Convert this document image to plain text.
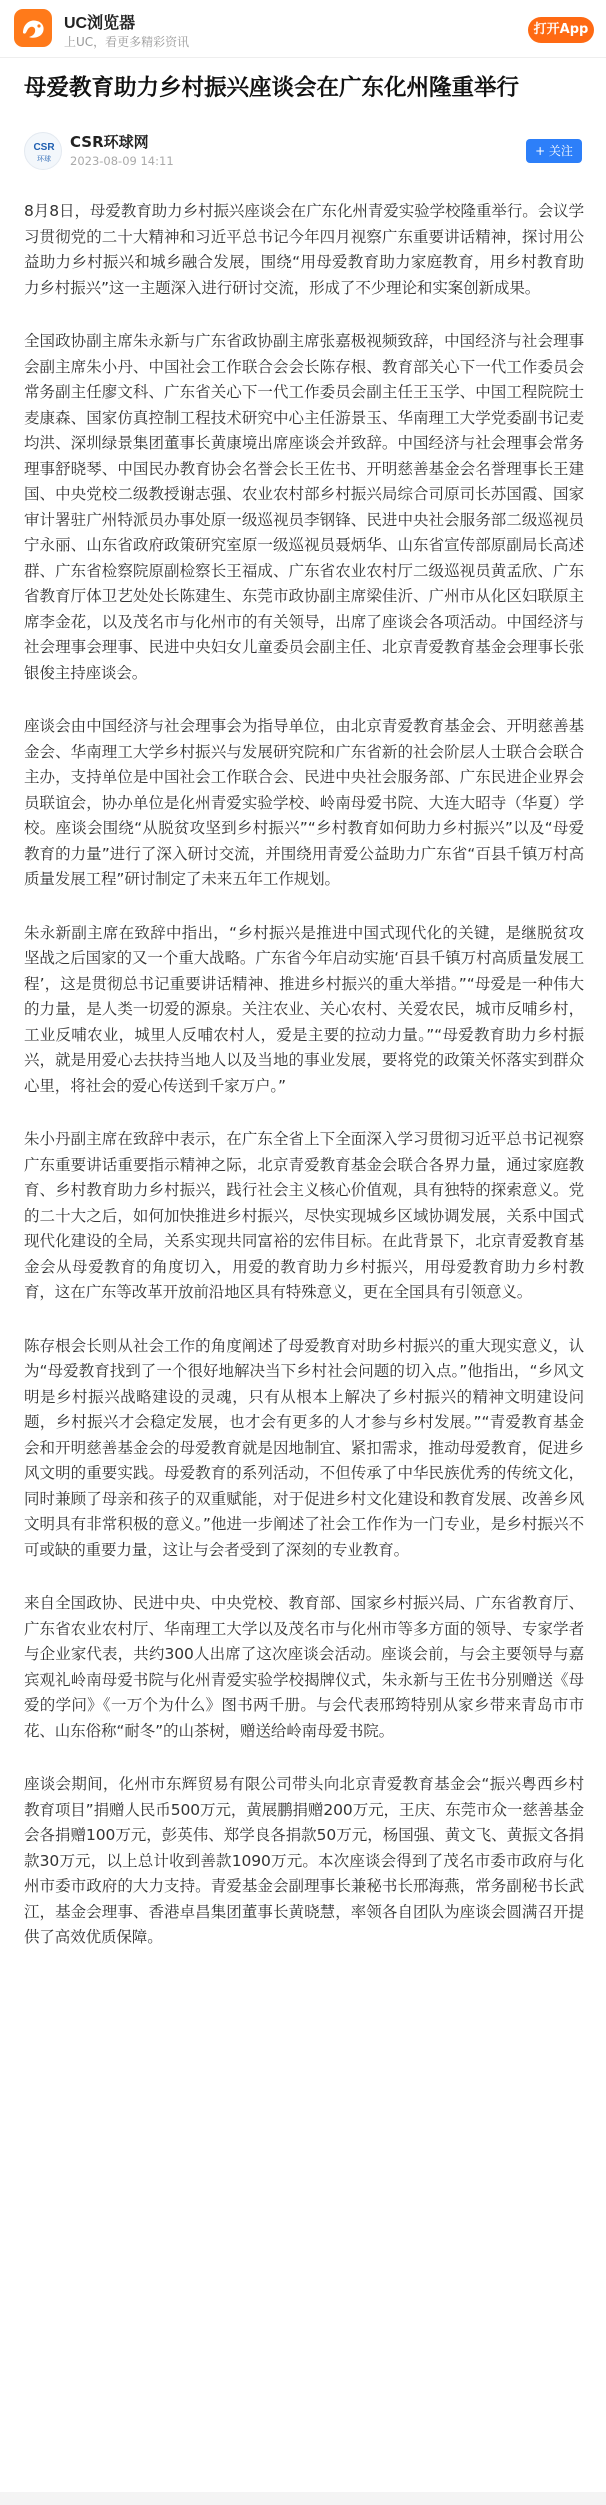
UC浏览器
上UC，看更多精彩资讯
打开App
母爱教育助力乡村振兴座谈会在广东化州隆重举行
CSR
环球
CSR环球网
2023-08-09 14:11
+ 关注

8月8日，母爱教育助力乡村振兴座谈会在广东化州青爱实验学校隆重举行。会议学习贯彻党的二十大精神和习近平总书记今年四月视察广东重要讲话精神，探讨用公益助力乡村振兴和城乡融合发展，围绕“用母爱教育助力家庭教育，用乡村教育助力乡村振兴”这一主题深入进行研讨交流，形成了不少理论和实案创新成果。

全国政协副主席朱永新与广东省政协副主席张嘉极视频致辞，中国经济与社会理事会副主席朱小丹、中国社会工作联合会会长陈存根、教育部关心下一代工作委员会常务副主任廖文科、广东省关心下一代工作委员会副主任王玉学、中国工程院院士麦康森、国家仿真控制工程技术研究中心主任游景玉、华南理工大学党委副书记麦均洪、深圳绿景集团董事长黄康境出席座谈会并致辞。中国经济与社会理事会常务理事舒晓琴、中国民办教育协会名誉会长王佐书、开明慈善基金会名誉理事长王建国、中央党校二级教授谢志强、农业农村部乡村振兴局综合司原司长苏国霞、国家审计署驻广州特派员办事处原一级巡视员李钢锋、民进中央社会服务部二级巡视员宁永丽、山东省政府政策研究室原一级巡视员聂炳华、山东省宣传部原副局长高述群、广东省检察院原副检察长王福成、广东省农业农村厅二级巡视员黄孟欣、广东省教育厅体卫艺处处长陈建生、东莞市政协副主席梁佳沂、广州市从化区妇联原主席李金花，以及茂名市与化州市的有关领导，出席了座谈会各项活动。中国经济与社会理事会理事、民进中央妇女儿童委员会副主任、北京青爱教育基金会理事长张银俊主持座谈会。

座谈会由中国经济与社会理事会为指导单位，由北京青爱教育基金会、开明慈善基金会、华南理工大学乡村振兴与发展研究院和广东省新的社会阶层人士联合会联合主办，支持单位是中国社会工作联合会、民进中央社会服务部、广东民进企业界会员联谊会，协办单位是化州青爱实验学校、岭南母爱书院、大连大昭寺（华夏）学校。座谈会围绕“从脱贫攻坚到乡村振兴”“乡村教育如何助力乡村振兴”以及“母爱教育的力量”进行了深入研讨交流，并围绕用青爱公益助力广东省“百县千镇万村高质量发展工程”研讨制定了未来五年工作规划。

朱永新副主席在致辞中指出，“乡村振兴是推进中国式现代化的关键，是继脱贫攻坚战之后国家的又一个重大战略。广东省今年启动实施‘百县千镇万村高质量发展工程’，这是贯彻总书记重要讲话精神、推进乡村振兴的重大举措。”“母爱是一种伟大的力量，是人类一切爱的源泉。关注农业、关心农村、关爱农民，城市反哺乡村，工业反哺农业，城里人反哺农村人，爱是主要的拉动力量。”“母爱教育助力乡村振兴，就是用爱心去扶持当地人以及当地的事业发展，要将党的政策关怀落实到群众心里，将社会的爱心传送到千家万户。”

朱小丹副主席在致辞中表示，在广东全省上下全面深入学习贯彻习近平总书记视察广东重要讲话重要指示精神之际，北京青爱教育基金会联合各界力量，通过家庭教育、乡村教育助力乡村振兴，践行社会主义核心价值观，具有独特的探索意义。党的二十大之后，如何加快推进乡村振兴，尽快实现城乡区域协调发展，关系中国式现代化建设的全局，关系实现共同富裕的宏伟目标。在此背景下，北京青爱教育基金会从母爱教育的角度切入，用爱的教育助力乡村振兴，用母爱教育助力乡村教育，这在广东等改革开放前沿地区具有特殊意义，更在全国具有引领意义。

陈存根会长则从社会工作的角度阐述了母爱教育对助乡村振兴的重大现实意义，认为“母爱教育找到了一个很好地解决当下乡村社会问题的切入点。”他指出，“乡风文明是乡村振兴战略建设的灵魂，只有从根本上解决了乡村振兴的精神文明建设问题，乡村振兴才会稳定发展，也才会有更多的人才参与乡村发展。”“青爱教育基金会和开明慈善基金会的母爱教育就是因地制宜、紧扣需求，推动母爱教育，促进乡风文明的重要实践。母爱教育的系列活动，不但传承了中华民族优秀的传统文化，同时兼顾了母亲和孩子的双重赋能，对于促进乡村文化建设和教育发展、改善乡风文明具有非常积极的意义。”他进一步阐述了社会工作作为一门专业，是乡村振兴不可或缺的重要力量，这让与会者受到了深刻的专业教育。

来自全国政协、民进中央、中央党校、教育部、国家乡村振兴局、广东省教育厅、广东省农业农村厅、华南理工大学以及茂名市与化州市等多方面的领导、专家学者与企业家代表，共约300人出席了这次座谈会活动。座谈会前，与会主要领导与嘉宾观礼岭南母爱书院与化州青爱实验学校揭牌仪式，朱永新与王佐书分别赠送《母爱的学问》《一万个为什么》图书两千册。与会代表邢筠特别从家乡带来青岛市市花、山东俗称“耐冬”的山茶树，赠送给岭南母爱书院。

座谈会期间，化州市东辉贸易有限公司带头向北京青爱教育基金会“振兴粤西乡村教育项目”捐赠人民币500万元，黄展鹏捐赠200万元，王庆、东莞市众一慈善基金会各捐赠100万元，彭英伟、郑学良各捐款50万元，杨国强、黄文飞、黄振文各捐款30万元，以上总计收到善款1090万元。本次座谈会得到了茂名市委市政府与化州市委市政府的大力支持。青爱基金会副理事长兼秘书长邢海燕，常务副秘书长武江，基金会理事、香港卓昌集团董事长黄晓慧，率领各自团队为座谈会圆满召开提供了高效优质保障。
